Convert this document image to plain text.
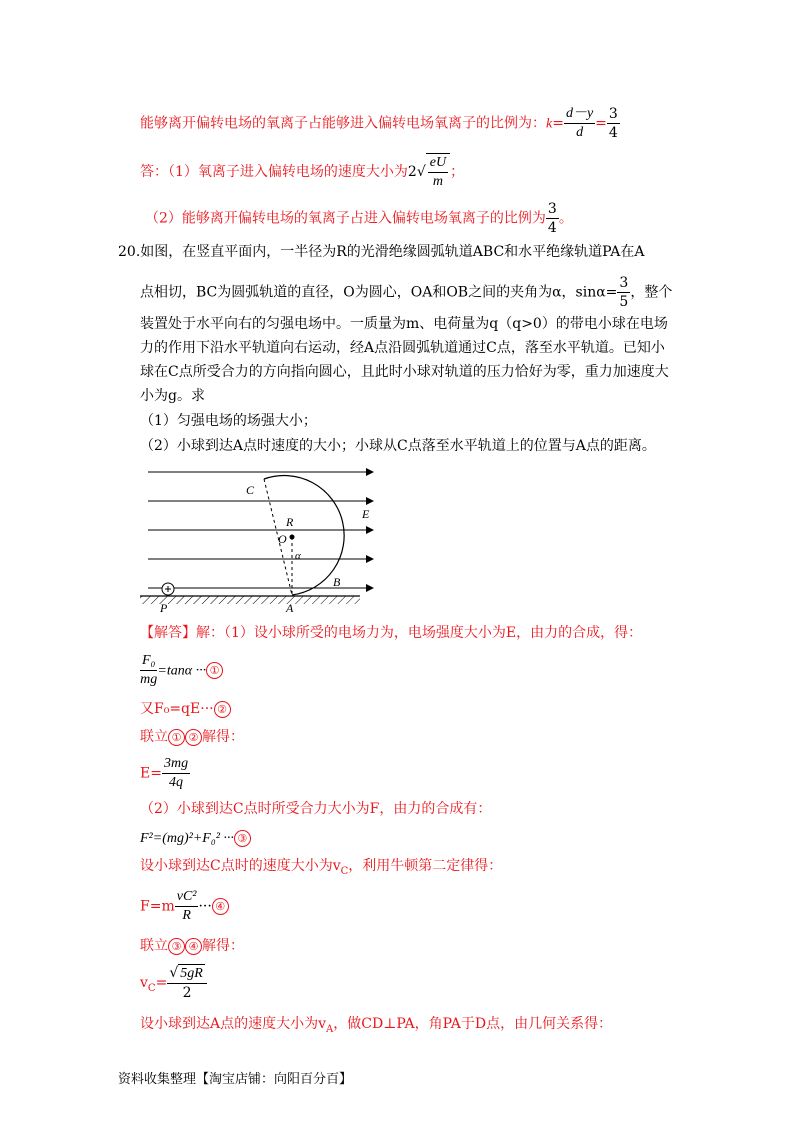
能够离开偏转电场的氧离子占能够进入偏转电场氧离子的比例为：$k= \frac{d-y}{d} = \frac{3}{4}$
答：（1）氧离子进入偏转电场的速度大小为$2√ \frac{eU}{m}$ ；
（2）能够离开偏转电场的氧离子占进入偏转电场氧离子的比例为 $\frac{3}{4}$ 。
20.如图，在竖直平面内，一半径为R的光滑绝缘圆弧轨道ABC和水平绝缘轨道PA在A
点相切，BC为圆弧轨道的直径，O为圆心，OA和OB之间的夹角为α，$\sin\alpha= \frac{3}{5}$ ，整个
装置处于水平向右的匀强电场中。一质量为m、电荷量为q（q>0）的带电小球在电场
力的作用下沿水平轨道向右运动，经A点沿圆弧轨道通过C点，落至水平轨道。已知小
球在C点所受合力的方向指向圆心，且此时小球对轨道的压力恰好为零，重力加速度大
小为g。求
（1）匀强电场的场强大小；
（2）小球到达A点时速度的大小；小球从C点落至水平轨道上的位置与A点的距离。
C
R
E
O
α
B
P	A
【解答】解：（1）设小球所受的电场力为，电场强度大小为E，由力的合成，得：
$\frac{\text{F₀}}{mg} =\tan\alpha$ ··· ①
又F₀=qE··· ②
联立 ① ② 解得：
$E= \frac{3mg}{4q}$
（2）小球到达C点时所受合力大小为F，由力的合成有：
F²=(mg)²+F₀² ··· ③
设小球到达C点时的速度大小为$v_C$，利用牛顿第二定律得：
$F=m \frac{\text{vC²}}{R}$ ··· ④
联立 ③ ④ 解得：
$v_C= \frac{√ 5gR}{2}$
设小球到达A点的速度大小为$v_A$，做CD⊥PA，角PA于D点，由几何关系得：
资料收集整理【淘宝店铺：向阳百分百】
